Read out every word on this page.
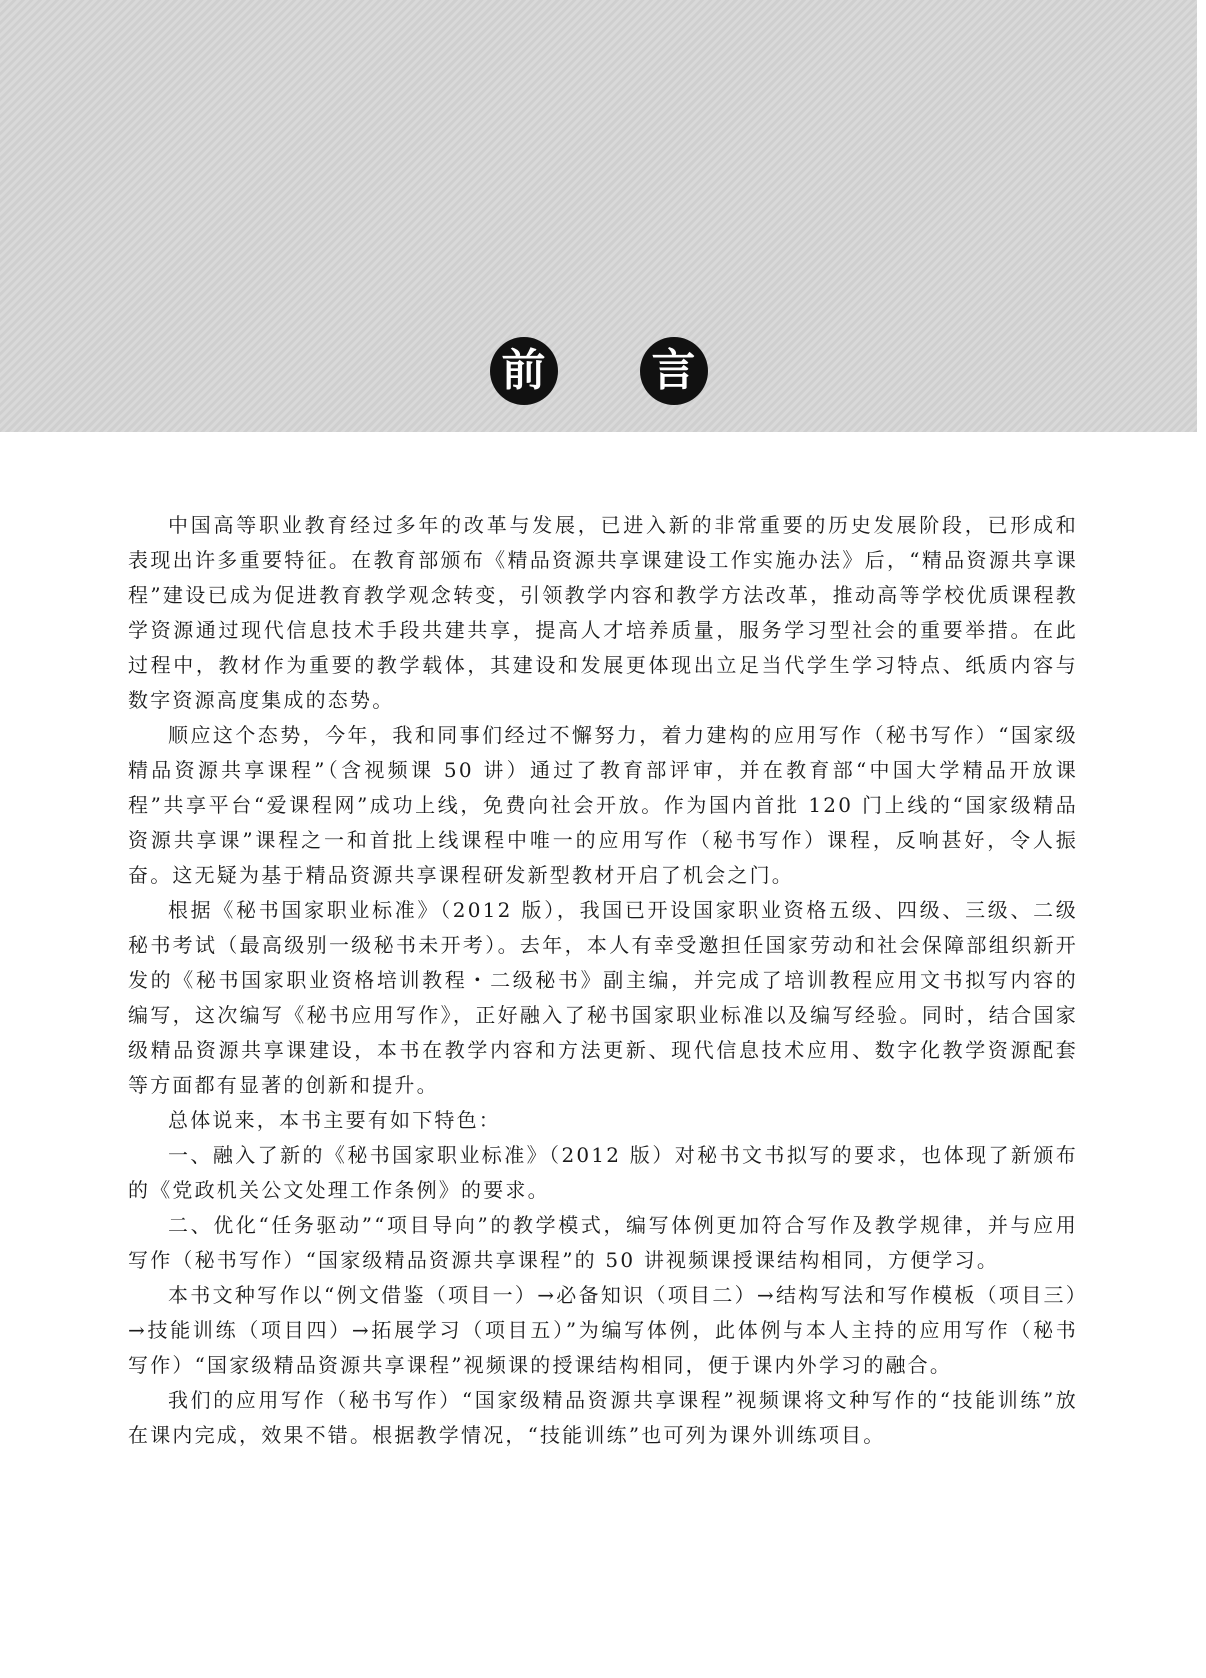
前 言

中国高等职业教育经过多年的改革与发展，已进入新的非常重要的历史发展阶段，已形成和表现出许多重要特征。在教育部颁布《精品资源共享课建设工作实施办法》后，“精品资源共享课程”建设已成为促进教育教学观念转变，引领教学内容和教学方法改革，推动高等学校优质课程教学资源通过现代信息技术手段共建共享，提高人才培养质量，服务学习型社会的重要举措。在此过程中，教材作为重要的教学载体，其建设和发展更体现出立足当代学生学习特点、纸质内容与数字资源高度集成的态势。

顺应这个态势，今年，我和同事们经过不懈努力，着力建构的应用写作（秘书写作）“国家级精品资源共享课程”（含视频课 50 讲）通过了教育部评审，并在教育部“中国大学精品开放课程”共享平台“爱课程网”成功上线，免费向社会开放。作为国内首批 120 门上线的“国家级精品资源共享课”课程之一和首批上线课程中唯一的应用写作（秘书写作）课程，反响甚好，令人振奋。这无疑为基于精品资源共享课程研发新型教材开启了机会之门。

根据《秘书国家职业标准》（2012 版），我国已开设国家职业资格五级、四级、三级、二级秘书考试（最高级别一级秘书未开考）。去年，本人有幸受邀担任国家劳动和社会保障部组织新开发的《秘书国家职业资格培训教程・二级秘书》副主编，并完成了培训教程应用文书拟写内容的编写，这次编写《秘书应用写作》，正好融入了秘书国家职业标准以及编写经验。同时，结合国家级精品资源共享课建设，本书在教学内容和方法更新、现代信息技术应用、数字化教学资源配套等方面都有显著的创新和提升。

总体说来，本书主要有如下特色：

一、融入了新的《秘书国家职业标准》（2012 版）对秘书文书拟写的要求，也体现了新颁布的《党政机关公文处理工作条例》的要求。

二、优化“任务驱动”“项目导向”的教学模式，编写体例更加符合写作及教学规律，并与应用写作（秘书写作）“国家级精品资源共享课程”的 50 讲视频课授课结构相同，方便学习。

本书文种写作以“例文借鉴（项目一）→必备知识（项目二）→结构写法和写作模板（项目三）→技能训练（项目四）→拓展学习（项目五）”为编写体例，此体例与本人主持的应用写作（秘书写作）“国家级精品资源共享课程”视频课的授课结构相同，便于课内外学习的融合。

我们的应用写作（秘书写作）“国家级精品资源共享课程”视频课将文种写作的“技能训练”放在课内完成，效果不错。根据教学情况，“技能训练”也可列为课外训练项目。
